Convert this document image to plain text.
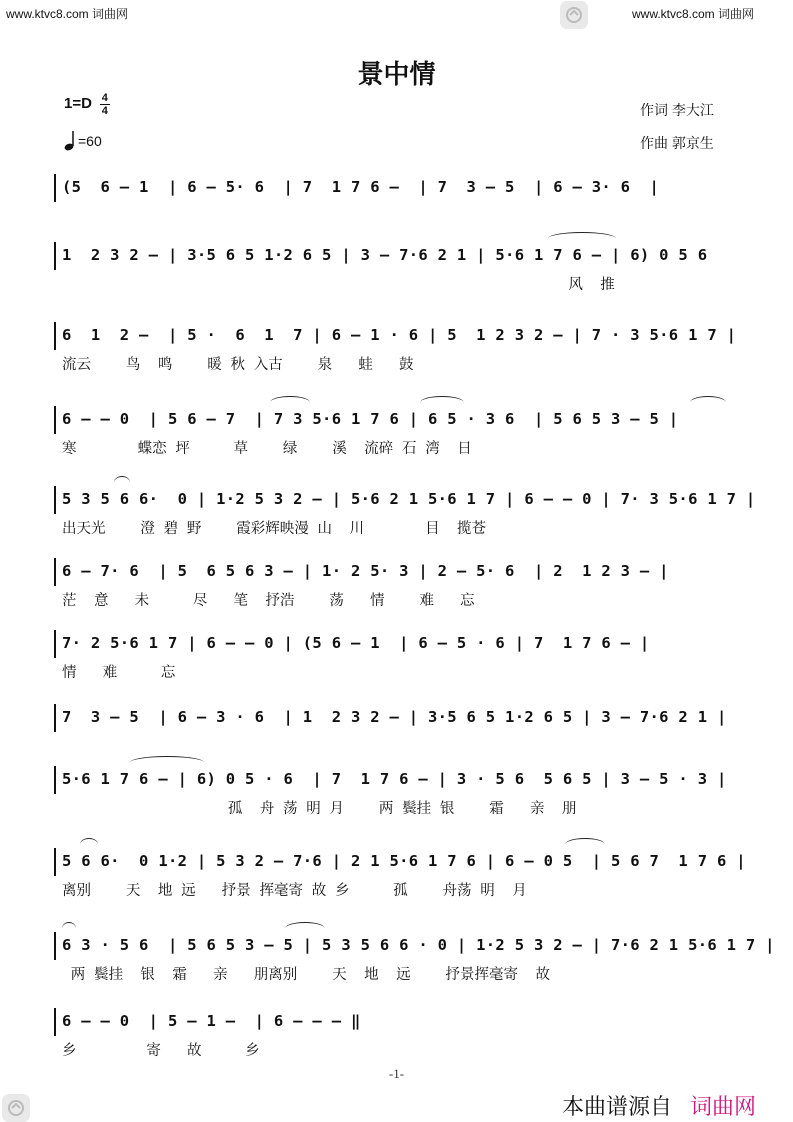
www.ktvc8.com 词曲网	www.ktvc8.com 词曲网
景中情
$1=D \frac{4}{4}$
=60
作词 李大江
作曲 郭京生
(5  6 – 1  | 6 – 5· 6  | 7  1 7 6 –  | 7  3 – 5  | 6 – 3· 6  |
1  2 3 2 – | 3·5 6 5 1·2 6 5 | 3 – 7·6 2 1 | 5·6 1 7 6 – | 6) 0 5 6
风  推
6  1  2 –  | 5 ·  6  1  7 | 6 – 1 · 6 | 5  1 2 3 2 – | 7 · 3 5·6 1 7 |
流云    鸟  鸣    暖 秋 入古    泉   蛙   鼓
6 – – 0  | 5 6 – 7  | 7 3 5·6 1 7 6 | 6 5 · 3 6  | 5 6 5 3 – 5 |
寒       蝶恋 坪     草    绿    溪  流碎 石 湾  日
5 3 5 6 6·  0 | 1·2 5 3 2 – | 5·6 2 1 5·6 1 7 | 6 – – 0 | 7· 3 5·6 1 7 |
出天光    澄 碧 野    霞彩辉映漫 山  川       目  揽苍
6 – 7· 6  | 5  6 5 6 3 – | 1· 2 5· 3 | 2 – 5· 6  | 2  1 2 3 – |
茫  意   未     尽   笔  抒浩    荡   情    难   忘
7· 2 5·6 1 7 | 6 – – 0 | (5 6 – 1  | 6 – 5 · 6 | 7  1 7 6 – |
情   难     忘
7  3 – 5  | 6 – 3 · 6  | 1  2 3 2 – | 3·5 6 5 1·2 6 5 | 3 – 7·6 2 1 |
5·6 1 7 6 – | 6) 0 5 · 6  | 7  1 7 6 – | 3 · 5 6  5 6 5 | 3 – 5 · 3 |
孤  舟 荡 明 月    两 鬓挂 银    霜   亲  朋
5 6 6·  0 1·2 | 5 3 2 – 7·6 | 2 1 5·6 1 7 6 | 6 – 0 5  | 5 6 7  1 7 6 |
离别    天  地 远   抒景 挥毫寄 故 乡     孤    舟荡 明  月
6 3 · 5 6  | 5 6 5 3 – 5 | 5 3 5 6 6 · 0 | 1·2 5 3 2 – | 7·6 2 1 5·6 1 7 |
两 鬓挂  银  霜   亲   朋离别    天  地  远    抒景挥毫寄  故
6 – – 0  | 5 – 1 –  | 6 – – – ‖
乡        寄   故     乡
-1-
本曲谱源自 词曲网
